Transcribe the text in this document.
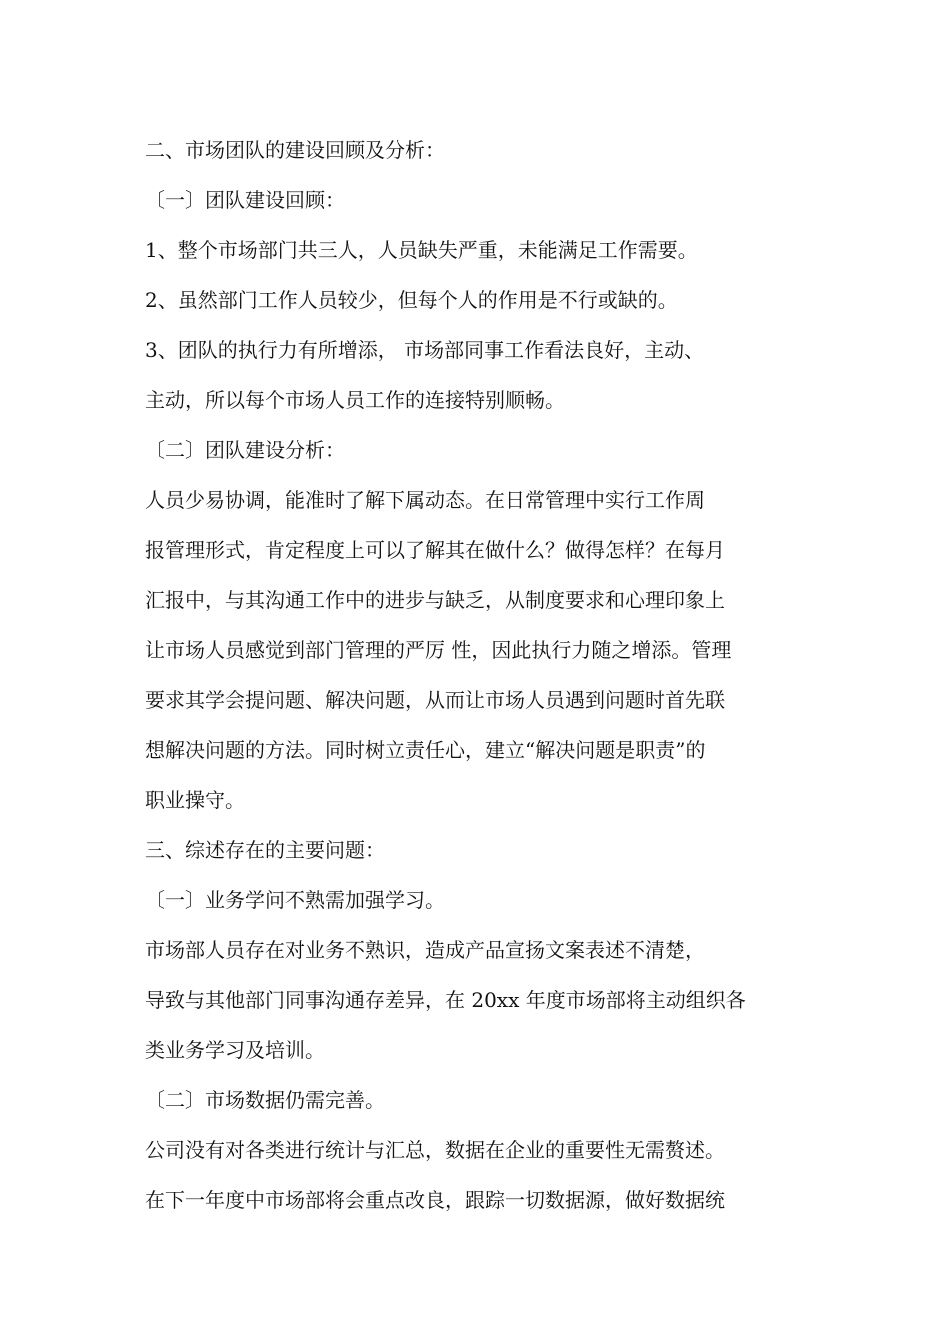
二、市场团队的建设回顾及分析：
〔一〕团队建设回顾：
1、整个市场部门共三人，人员缺失严重，未能满足工作需要。
2、虽然部门工作人员较少，但每个人的作用是不行或缺的。
3、团队的执行力有所增添， 市场部同事工作看法良好，主动、
主动，所以每个市场人员工作的连接特别顺畅。
〔二〕团队建设分析：
人员少易协调，能准时了解下属动态。在日常管理中实行工作周
报管理形式，肯定程度上可以了解其在做什么？做得怎样？在每月
汇报中，与其沟通工作中的进步与缺乏，从制度要求和心理印象上
让市场人员感觉到部门管理的严厉 性，因此执行力随之增添。管理
要求其学会提问题、解决问题，从而让市场人员遇到问题时首先联
想解决问题的方法。同时树立责任心，建立“解决问题是职责”的
职业操守。
三、综述存在的主要问题：
〔一〕业务学问不熟需加强学习。
市场部人员存在对业务不熟识，造成产品宣扬文案表述不清楚，
导致与其他部门同事沟通存差异，在 20xx 年度市场部将主动组织各
类业务学习及培训。
〔二〕市场数据仍需完善。
公司没有对各类进行统计与汇总，数据在企业的重要性无需赘述。
在下一年度中市场部将会重点改良，跟踪一切数据源，做好数据统
